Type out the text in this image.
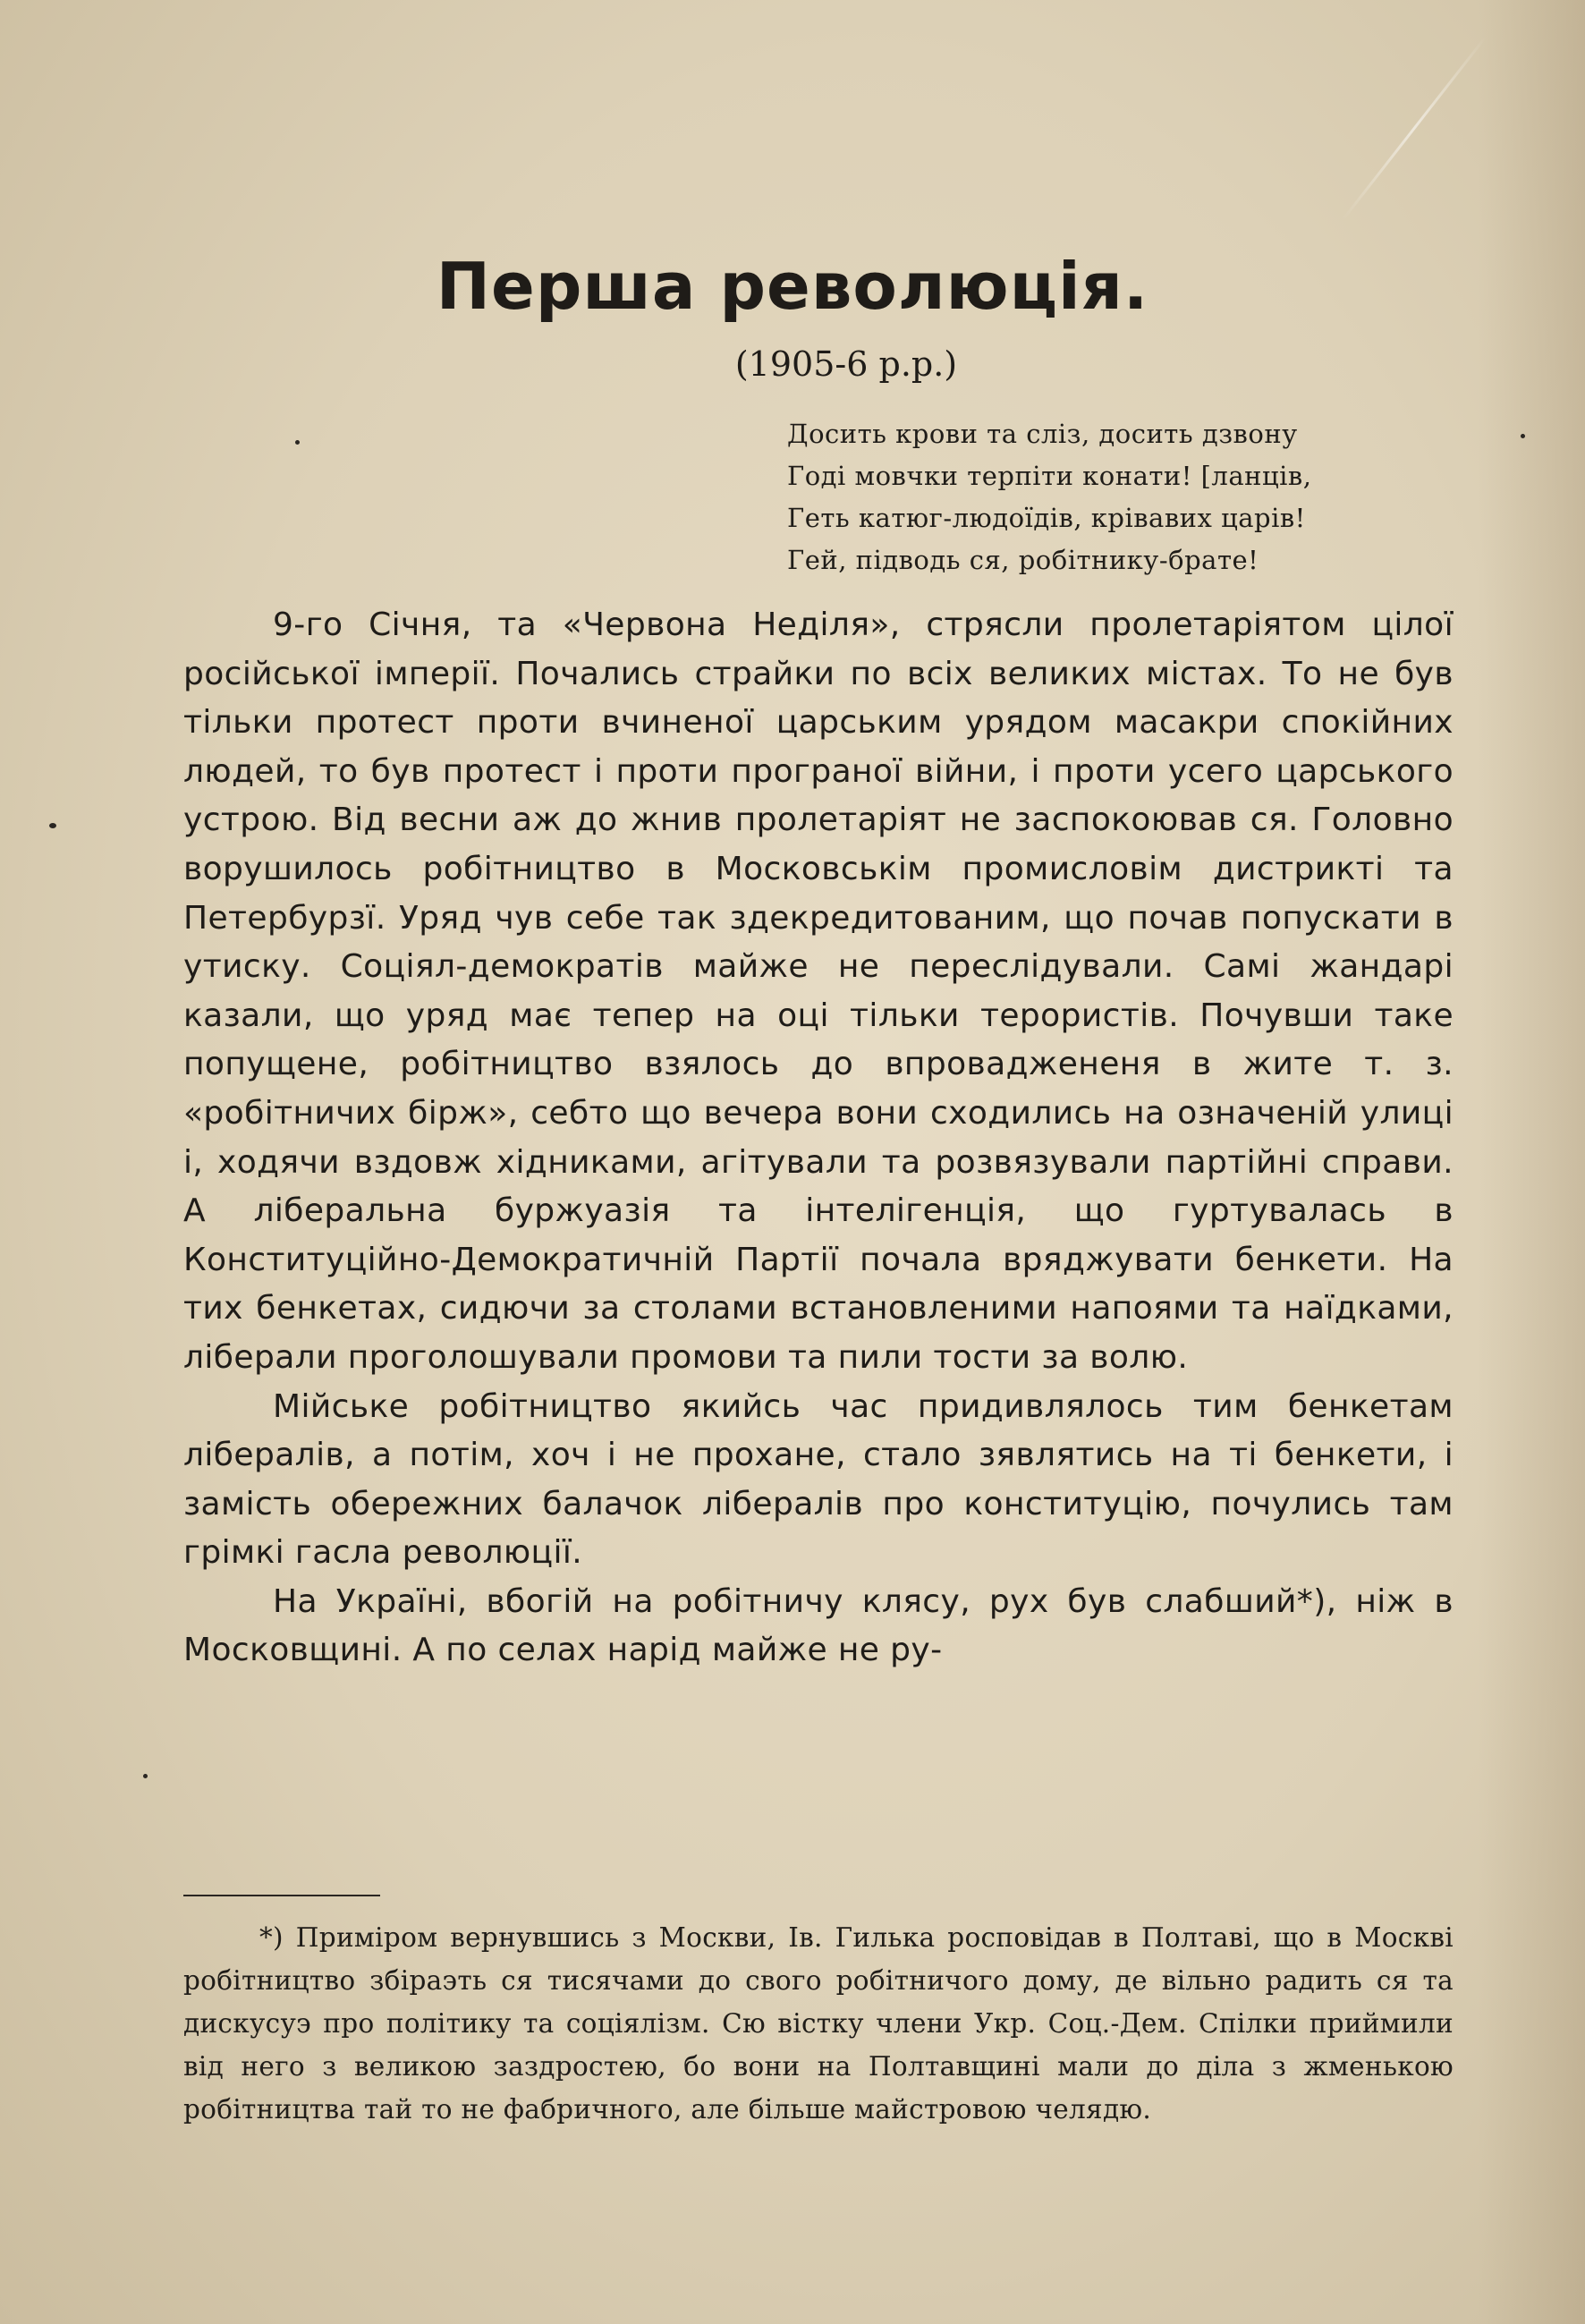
Перша революція.
(1905-6 р.р.)
Досить крови та сліз, досить дзвону
Годі мовчки терпіти конати! [ланців,
Геть катюг-людоїдів, крівавих царів!
Гей, підводь ся, робітнику-брате!

9-го Січня, та «Червона Неділя», стрясли пролетаріятом цілої російської імперії. Почались страйки по всіх великих містах. То не був тільки протест проти вчиненої царським урядом масакри спокійних людей, то був протест і проти програної війни, і проти усего царського устрою. Від весни аж до жнив пролетаріят не заспокоював ся. Головно ворушилось робітництво в Московськім промисловім дистрикті та Петербурзї. Уряд чув себе так здекредитованим, що почав попускати в утиску. Соціял-демократів майже не переслідували. Самі жандарі казали, що уряд має тепер на оці тільки терористів. Почувши таке попущене, робітництво взялось до впроваджененя в жите т. з. «робітничих бірж», себто що вечера вони сходились на означеній улиці і, ходячи вздовж хідниками, агітували та розвязували партійні справи. А ліберальна буржуазія та інтелігенція, що гуртувалась в Конституційно-Демократичній Партії почала вряджувати бенкети. На тих бенкетах, сидючи за столами встановленими напоями та наїдками, ліберали проголошували промови та пили тости за волю.

Мійське робітництво якийсь час придивлялось тим бенкетам лібералів, а потім, хоч і не прохане, стало зявлятись на ті бенкети, і замість обережних балачок лібералів про конституцію, почулись там грімкі гасла революції.

На Україні, вбогій на робітничу клясу, рух був слабший*), ніж в Московщині. А по селах нарід майже не ру-

*) Приміром вернувшись з Москви, Ів. Гилька росповідав в Полтаві, що в Москві робітництво збіраэть ся тисячами до свого робітничого дому, де вільно радить ся та дискусуэ про політику та соціялізм. Сю вістку члени Укр. Соц.-Дем. Спілки приймили від него з великою заздростею, бо вони на Полтавщині мали до діла з жменькою робітництва тай то не фабричного, але більше майстровою челядю.
